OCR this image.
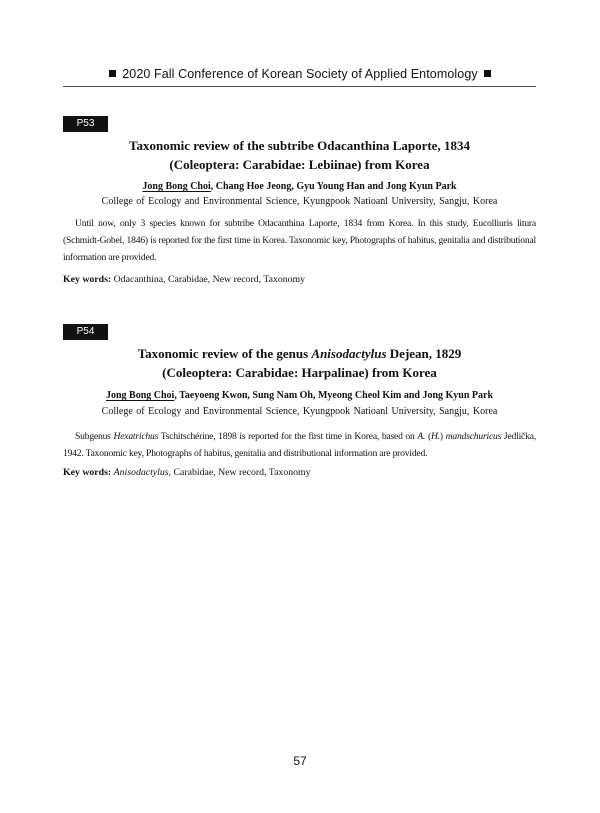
2020 Fall Conference of Korean Society of Applied Entomology
P53
Taxonomic review of the subtribe Odacanthina Laporte, 1834
(Coleoptera: Carabidae: Lebiinae) from Korea
Jong Bong Choi, Chang Hoe Jeong, Gyu Young Han and Jong Kyun Park
College of Ecology and Environmental Science, Kyungpook Natioanl University, Sangju, Korea
Until now, only 3 species known for subtribe Odacanthina Laporte, 1834 from Korea. In this study, Eucolliuris litura (Schmidt-Gobel, 1846) is reported for the first time in Korea. Taxonomic key, Photographs of habitus, genitalia and distributional information are provided.
Key words: Odacanthina, Carabidae, New record, Taxonomy
P54
Taxonomic review of the genus Anisodactylus Dejean, 1829
(Coleoptera: Carabidae: Harpalinae) from Korea
Jong Bong Choi, Taeyoeng Kwon, Sung Nam Oh, Myeong Cheol Kim and Jong Kyun Park
College of Ecology and Environmental Science, Kyungpook Natioanl University, Sangju, Korea
Subgenus Hexatrichus Tschitschérine, 1898 is reported for the first time in Korea, based on A. (H.) mandschuricus Jedlička, 1942. Taxonomic key, Photographs of habitus, genitalia and distributional information are provided.
Key words: Anisodactylus, Carabidae, New record, Taxonomy
57
